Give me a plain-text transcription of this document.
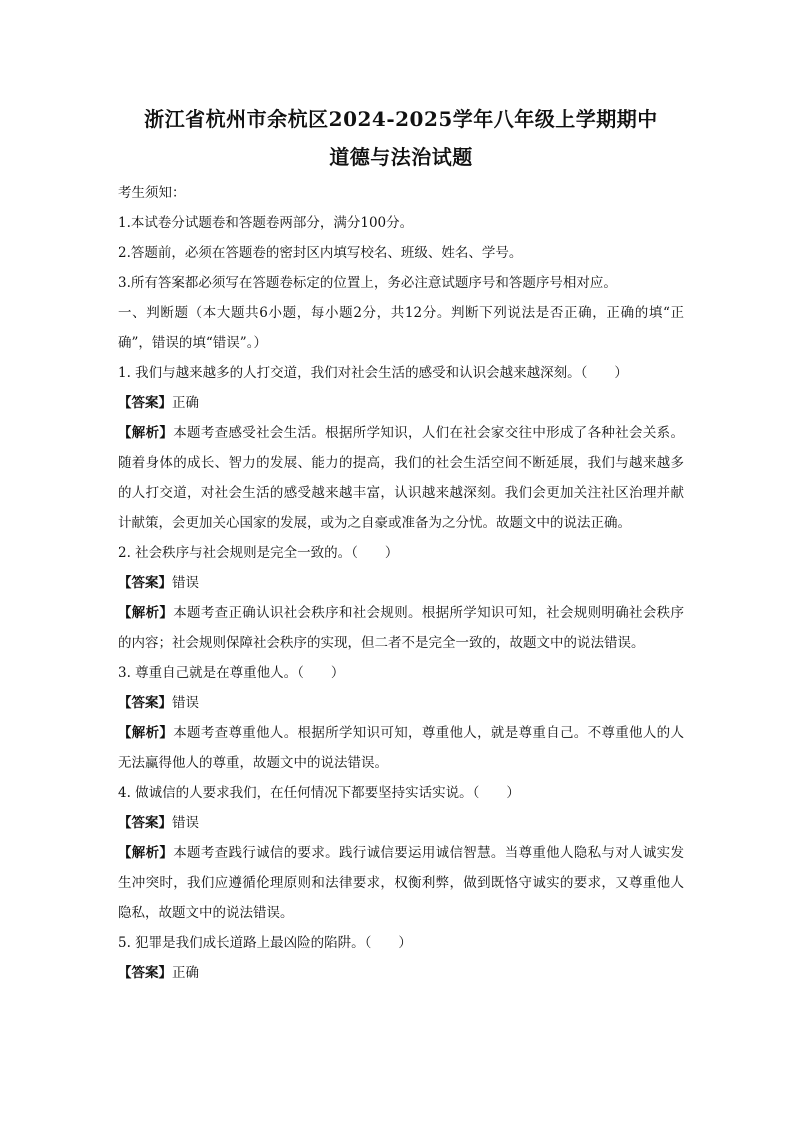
浙江省杭州市余杭区2024-2025学年八年级上学期期中
道德与法治试题

考生须知：

1.本试卷分试题卷和答题卷两部分，满分100分。

2.答题前，必须在答题卷的密封区内填写校名、班级、姓名、学号。

3.所有答案都必须写在答题卷标定的位置上，务必注意试题序号和答题序号相对应。

一、判断题（本大题共6小题，每小题2分，共12分。判断下列说法是否正确，正确的填“正确”，错误的填“错误”。）

1. 我们与越来越多的人打交道，我们对社会生活的感受和认识会越来越深刻。（　　）

【答案】正确

【解析】本题考查感受社会生活。根据所学知识，人们在社会家交往中形成了各种社会关系。随着身体的成长、智力的发展、能力的提高，我们的社会生活空间不断延展，我们与越来越多的人打交道，对社会生活的感受越来越丰富，认识越来越深刻。我们会更加关注社区治理并献计献策，会更加关心国家的发展，或为之自豪或准备为之分忧。故题文中的说法正确。

2. 社会秩序与社会规则是完全一致的。（　　）

【答案】错误

【解析】本题考查正确认识社会秩序和社会规则。根据所学知识可知，社会规则明确社会秩序的内容；社会规则保障社会秩序的实现，但二者不是完全一致的，故题文中的说法错误。

3. 尊重自己就是在尊重他人。（　　）

【答案】错误

【解析】本题考查尊重他人。根据所学知识可知，尊重他人，就是尊重自己。不尊重他人的人无法赢得他人的尊重，故题文中的说法错误。

4. 做诚信的人要求我们，在任何情况下都要坚持实话实说。（　　）

【答案】错误

【解析】本题考查践行诚信的要求。践行诚信要运用诚信智慧。当尊重他人隐私与对人诚实发生冲突时，我们应遵循伦理原则和法律要求，权衡利弊，做到既恪守诚实的要求，又尊重他人隐私，故题文中的说法错误。

5. 犯罪是我们成长道路上最凶险的陷阱。（　　）

【答案】正确
